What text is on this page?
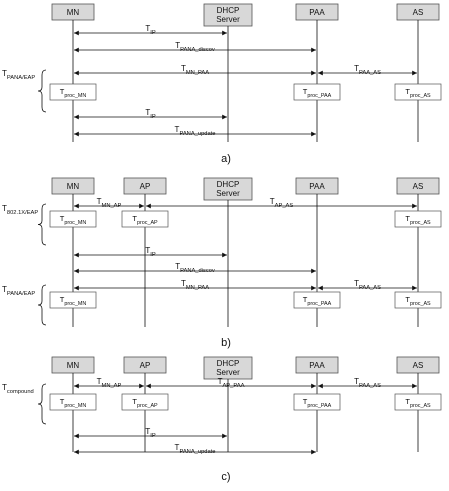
MN	DHCP
Server
PAA	AS
$T_{IP}$
$T_{PANA\_discov}$
$T_{MN\_PAA}$	$T_{PAA\_AS}$
$T_{IP}$
$T_{PANA\_update}$
$T_{proc\_MN}$	$T_{proc\_PAA}$	$T_{proc\_AS}$
$T_{PANA/EAP}$
a)
MN	AP	DHCP
Server
PAA	AS
$T_{MN\_AP}$	$T_{AP\_AS}$
$T_{IP}$
$T_{PANA\_discov}$
$T_{MN\_PAA}$	$T_{PAA\_AS}$
$T_{proc\_MN}$	$T_{proc\_AP}$	$T_{proc\_AS}$
$T_{proc\_MN}$	$T_{proc\_PAA}$	$T_{proc\_AS}$
$T_{802.1X/EAP}$
$T_{PANA/EAP}$
b)
MN	AP	DHCP
Server
PAA	AS
$T_{MN\_AP}$	$T_{AP\_PAA}$	$T_{PAA\_AS}$
$T_{IP}$
$T_{PANA\_update}$
$T_{proc\_MN}$	$T_{proc\_AP}$	$T_{proc\_PAA}$	$T_{proc\_AS}$
$T_{compound}$
c)
